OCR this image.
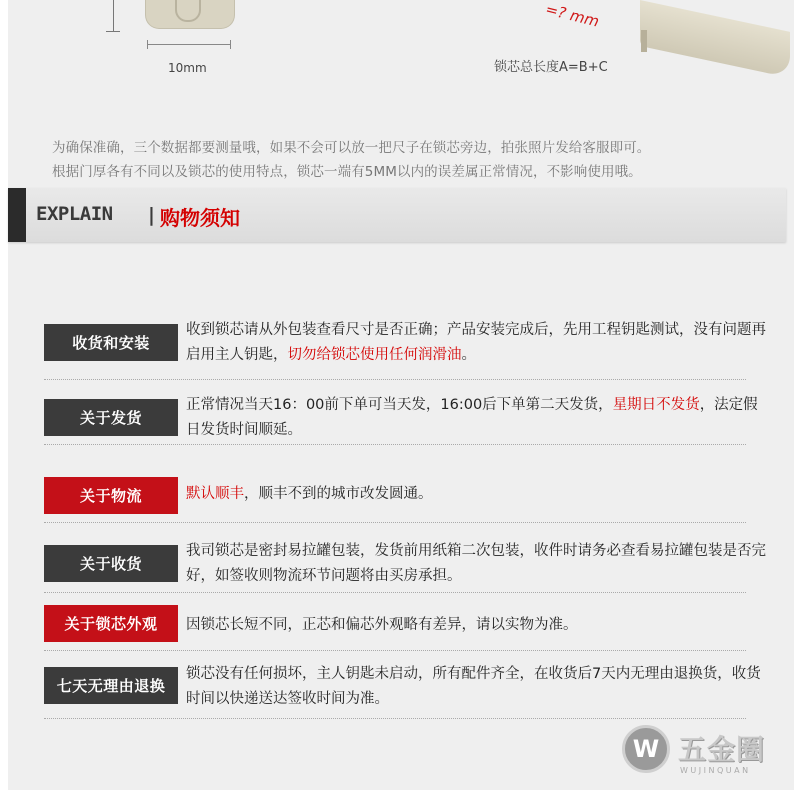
10mm
=? mm
锁芯总长度A=B+C
为确保准确，三个数据都要测量哦，如果不会可以放一把尺子在锁芯旁边，拍张照片发给客服即可。
根据门厚各有不同以及锁芯的使用特点，锁芯一端有5MM以内的误差属正常情况，不影响使用哦。
EXPLAIN | 购物须知
收货和安装
收到锁芯请从外包装查看尺寸是否正确；产品安装完成后，先用工程钥匙测试，没有问题再启用主人钥匙，切勿给锁芯使用任何润滑油。
关于发货
正常情况当天16：00前下单可当天发，16:00后下单第二天发货，星期日不发货，法定假日发货时间顺延。
关于物流	默认顺丰，顺丰不到的城市改发圆通。
关于收货
我司锁芯是密封易拉罐包装，发货前用纸箱二次包装，收件时请务必查看易拉罐包装是否完好，如签收则物流环节问题将由买房承担。
关于锁芯外观	因锁芯长短不同，正芯和偏芯外观略有差异，请以实物为准。
七天无理由退换
锁芯没有任何损坏，主人钥匙未启动，所有配件齐全，在收货后7天内无理由退换货，收货时间以快递送达签收时间为准。
W 五金圈
WUJINQUAN
